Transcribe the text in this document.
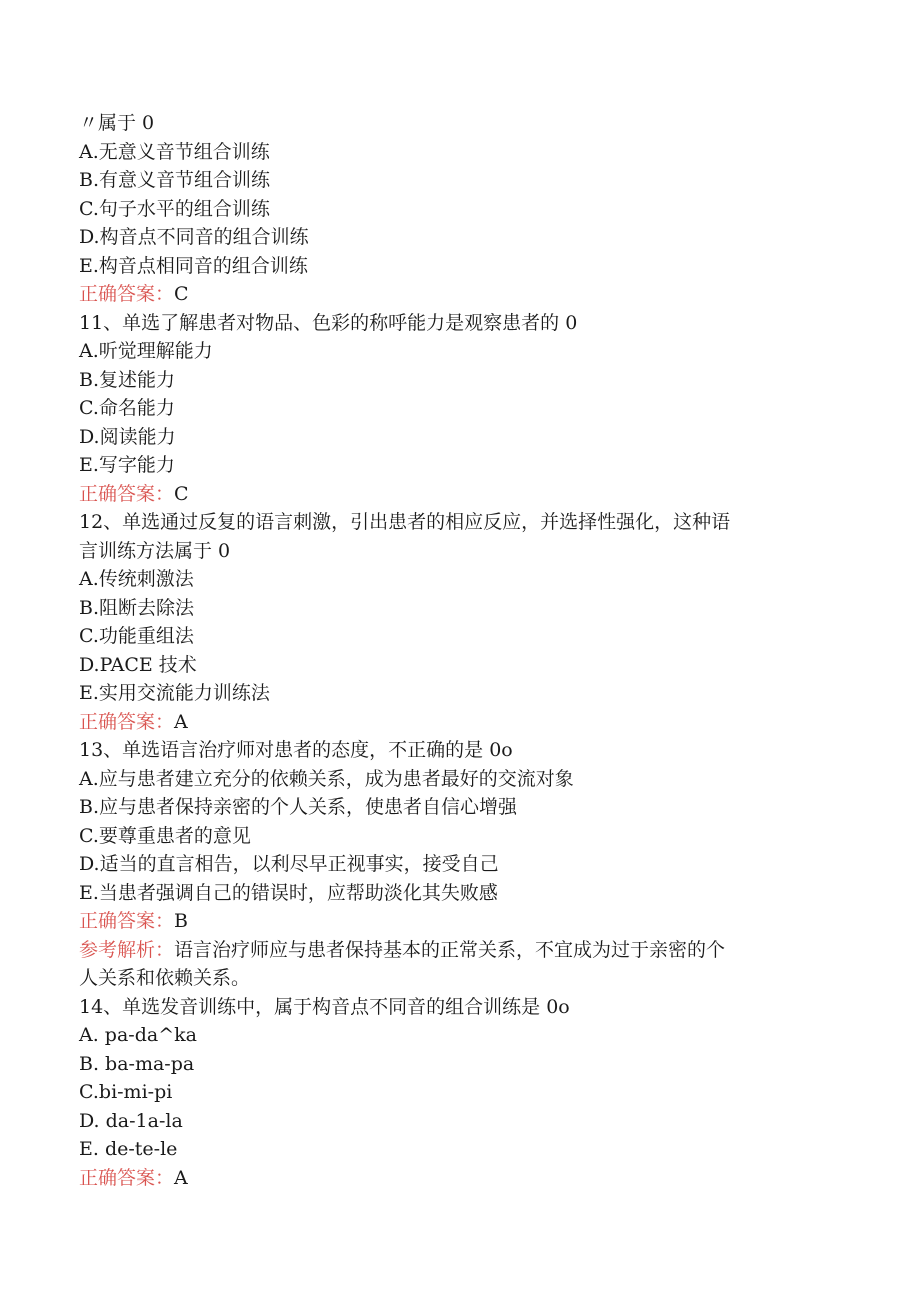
〃属于 0
A.无意义音节组合训练
B.有意义音节组合训练
C.句子水平的组合训练
D.构音点不同音的组合训练
E.构音点相同音的组合训练
正确答案：C
11、单选了解患者对物品、色彩的称呼能力是观察患者的 0
A.听觉理解能力
B.复述能力
C.命名能力
D.阅读能力
E.写字能力
正确答案：C
12、单选通过反复的语言刺激，引出患者的相应反应，并选择性强化，这种语
言训练方法属于 0
A.传统刺激法
B.阻断去除法
C.功能重组法
D.PACE 技术
E.实用交流能力训练法
正确答案：A
13、单选语言治疗师对患者的态度，不正确的是 0o
A.应与患者建立充分的依赖关系，成为患者最好的交流对象
B.应与患者保持亲密的个人关系，使患者自信心增强
C.要尊重患者的意见
D.适当的直言相告，以利尽早正视事实，接受自己
E.当患者强调自己的错误时，应帮助淡化其失败感
正确答案：B
参考解析：语言治疗师应与患者保持基本的正常关系，不宜成为过于亲密的个
人关系和依赖关系。
14、单选发音训练中，属于构音点不同音的组合训练是 0o
A. pa-da^ka
B. ba-ma-pa
C.bi-mi-pi
D. da-1a-la
E. de-te-le
正确答案：A
